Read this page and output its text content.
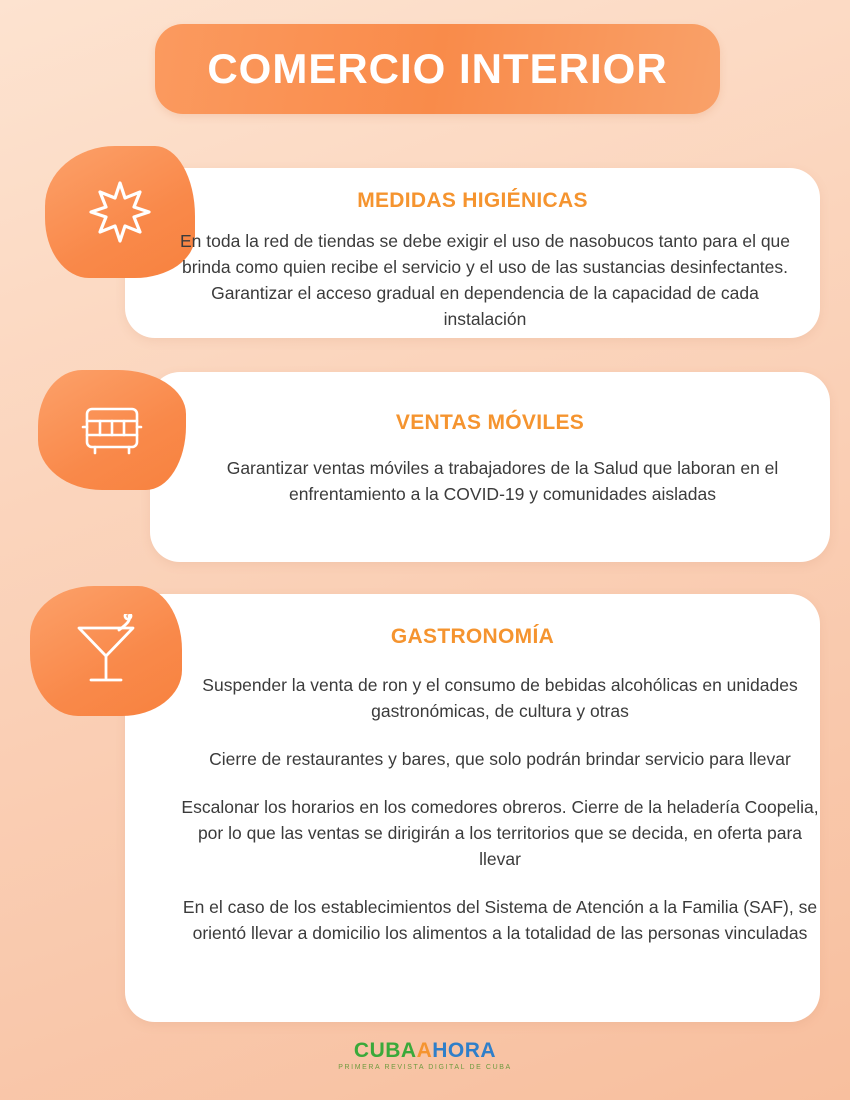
COMERCIO INTERIOR
MEDIDAS HIGIÉNICAS
En toda la red de tiendas se debe exigir el uso de nasobucos tanto para el que brinda como quien recibe el servicio y el uso de las sustancias desinfectantes. Garantizar el acceso gradual en dependencia de la capacidad de cada instalación
VENTAS MÓVILES
Garantizar ventas móviles a trabajadores de la Salud que laboran en el enfrentamiento a la COVID-19 y comunidades aisladas
GASTRONOMÍA
Suspender la venta de ron y el consumo de bebidas alcohólicas en unidades gastronómicas, de cultura y otras
Cierre de restaurantes y bares, que solo podrán brindar servicio para llevar
Escalonar los horarios en los comedores obreros. Cierre de la heladería Coopelia, por lo que las ventas se dirigirán a los territorios que se decida, en oferta para llevar
En el caso de los establecimientos del Sistema de Atención a la Familia (SAF), se orientó llevar a domicilio los alimentos a la totalidad de las personas vinculadas
CUBAAHORA
PRIMERA REVISTA DIGITAL DE CUBA
